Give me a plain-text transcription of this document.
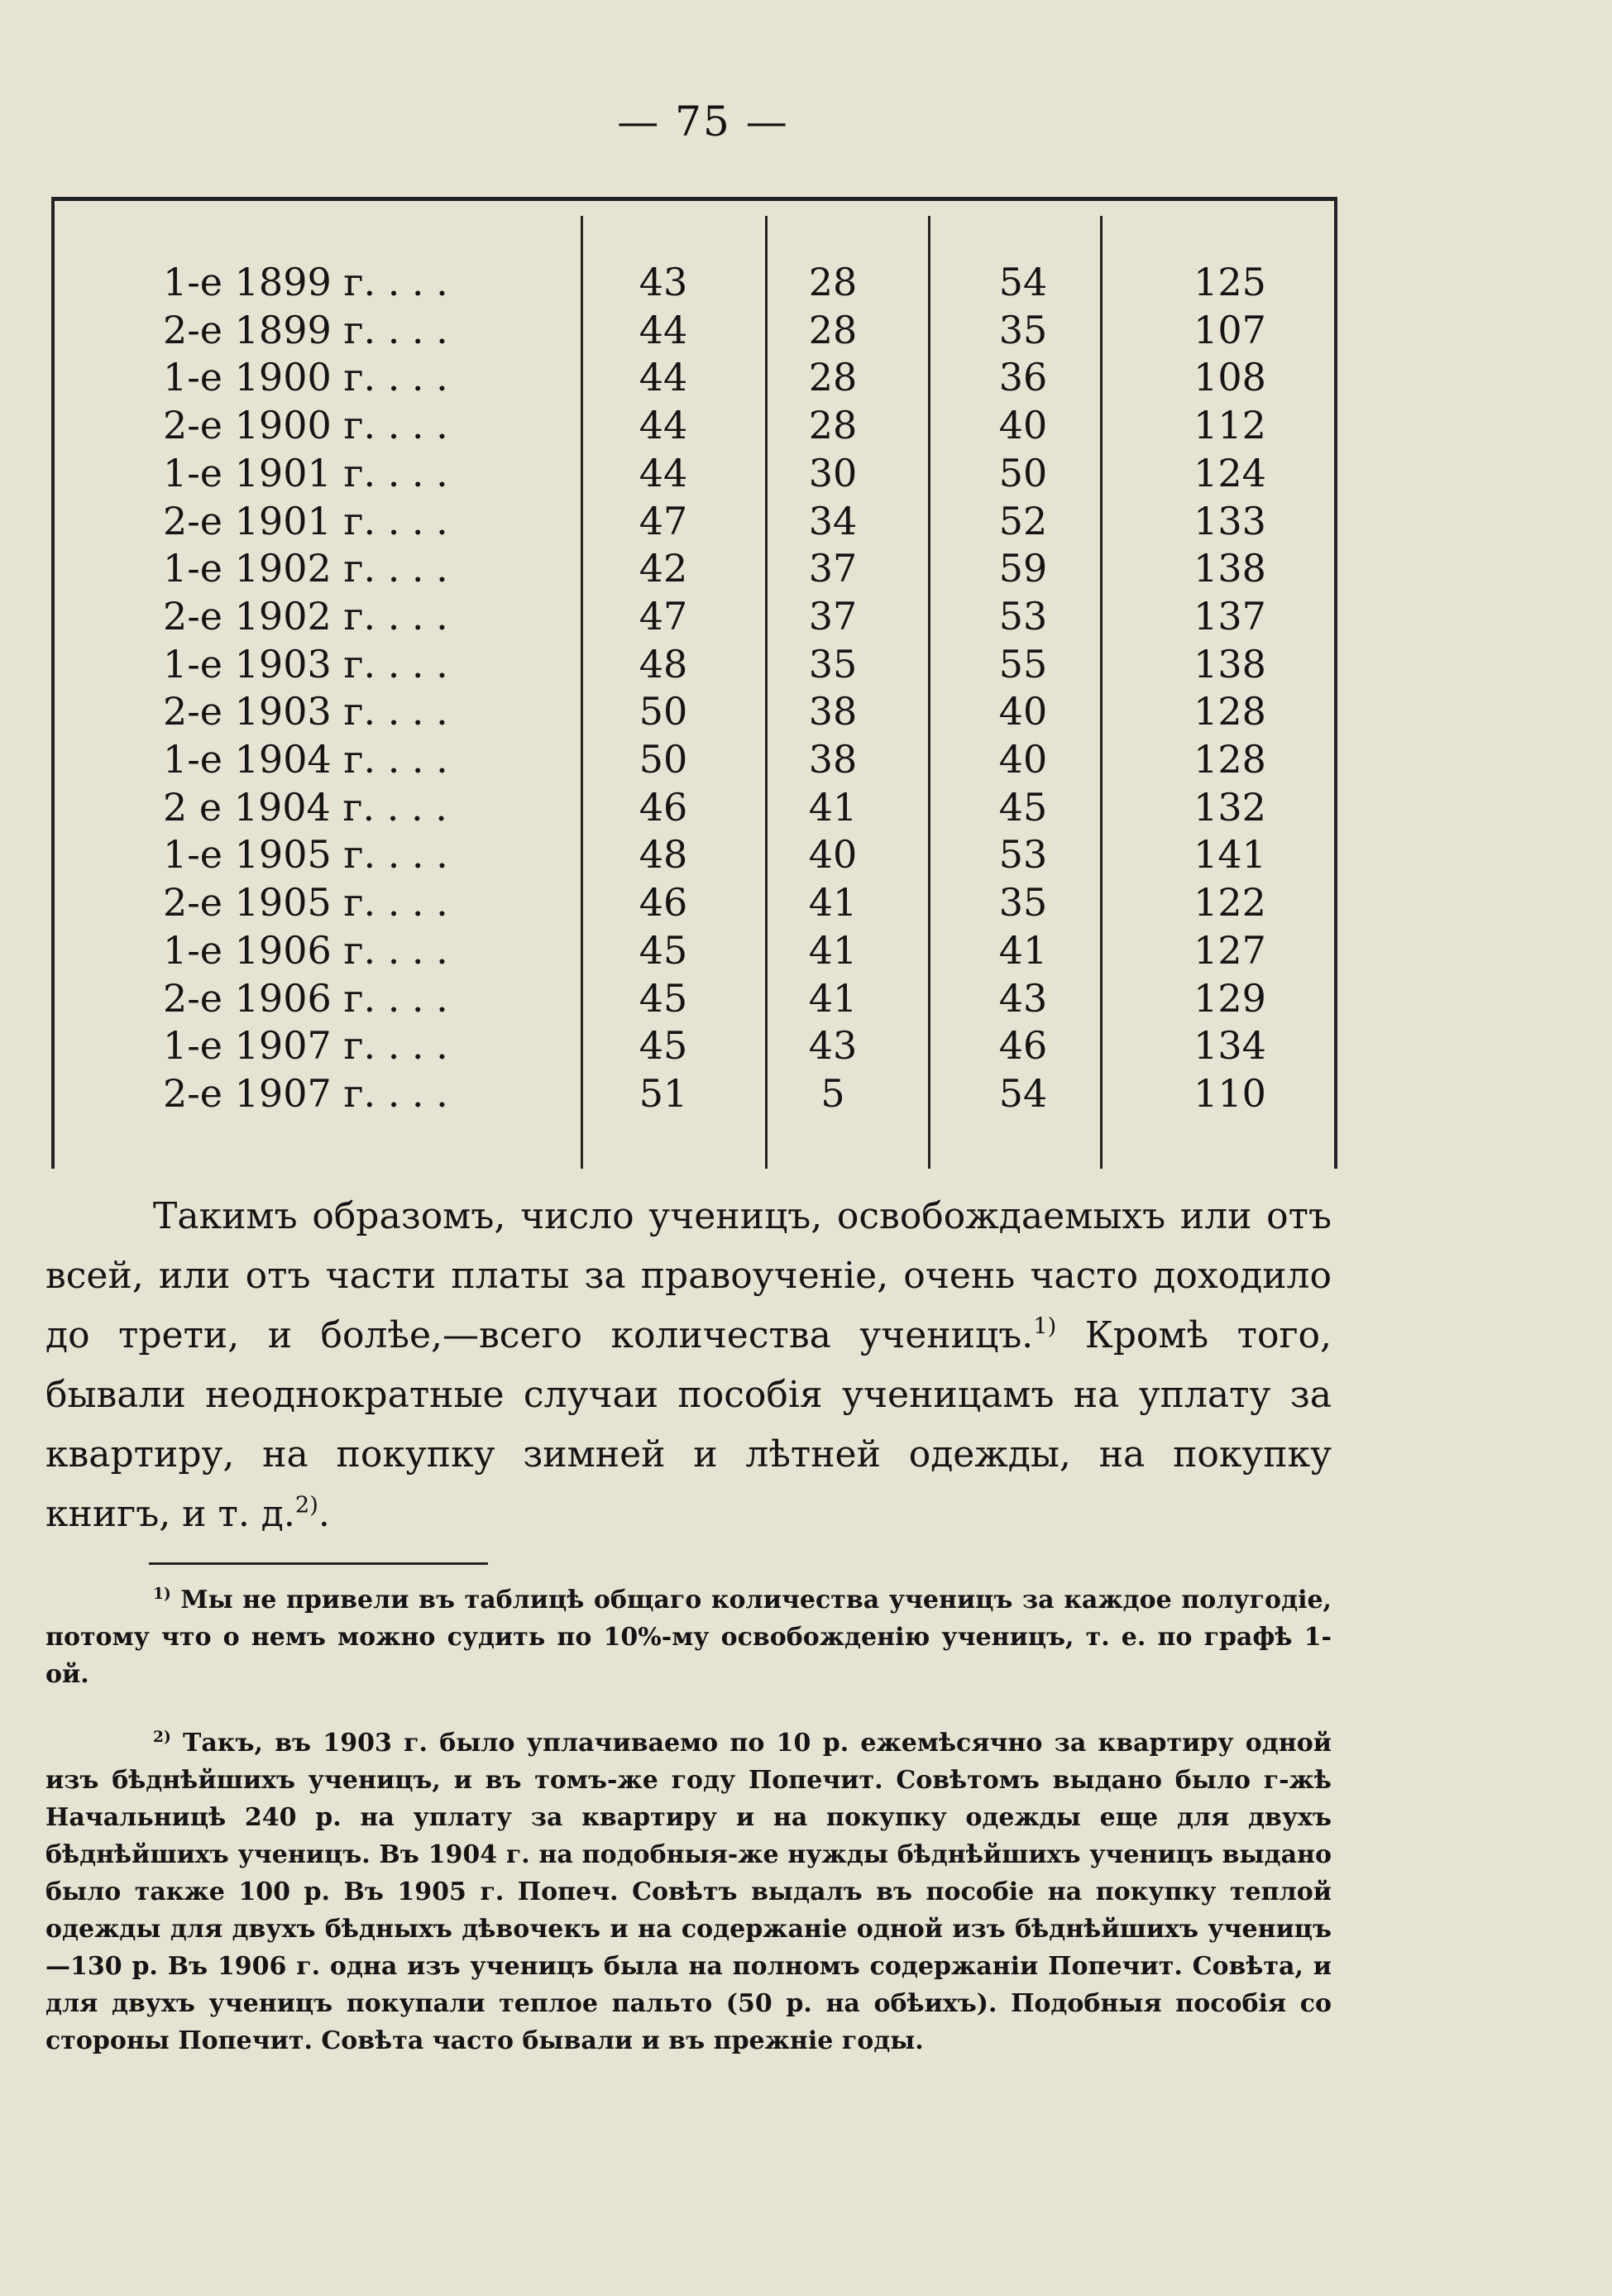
— 75 —
1-е 1899 г. . . .	43	28	54	125
2-е 1899 г. . . .	44	28	35	107
1-е 1900 г. . . .	44	28	36	108
2-е 1900 г. . . .	44	28	40	112
1-е 1901 г. . . .	44	30	50	124
2-е 1901 г. . . .	47	34	52	133
1-е 1902 г. . . .	42	37	59	138
2-е 1902 г. . . .	47	37	53	137
1-е 1903 г. . . .	48	35	55	138
2-е 1903 г. . . .	50	38	40	128
1-е 1904 г. . . .	50	38	40	128
2 е 1904 г. . . .	46	41	45	132
1-е 1905 г. . . .	48	40	53	141
2-е 1905 г. . . .	46	41	35	122
1-е 1906 г. . . .	45	41	41	127
2-е 1906 г. . . .	45	41	43	129
1-е 1907 г. . . .	45	43	46	134
2-е 1907 г. . . .	51	5	54	110

Такимъ образомъ, число ученицъ, освобождаемыхъ или отъ всей, или отъ части платы за правоученіе, очень часто доходило до трети, и болѣе,—всего количества ученицъ.$^{1)}$ Кромѣ того, бывали неоднократные случаи пособія ученицамъ на уплату за квартиру, на покупку зимней и лѣтней одежды, на покупку книгъ, и т. д.$^{2)}$.

$^{1)}$ Мы не привели въ таблицѣ общаго количества ученицъ за каждое полугодіе, потому что о немъ можно судить по 10%-му освобожденію ученицъ, т. е. по графѣ 1-ой.

$^{2)}$ Такъ, въ 1903 г. было уплачиваемо по 10 р. ежемѣсячно за квартиру одной изъ бѣднѣйшихъ ученицъ, и въ томъ-же году Попечит. Совѣтомъ выдано было г-жѣ Начальницѣ 240 р. на уплату за квартиру и на покупку одежды еще для двухъ бѣднѣйшихъ ученицъ. Въ 1904 г. на подобныя-же нужды бѣднѣйшихъ ученицъ выдано было также 100 р. Въ 1905 г. Попеч. Совѣтъ выдалъ въ пособіе на покупку теплой одежды для двухъ бѣдныхъ дѣвочекъ и на содержаніе одной изъ бѣднѣйшихъ ученицъ—130 р. Въ 1906 г. одна изъ ученицъ была на полномъ содержаніи Попечит. Совѣта, и для двухъ ученицъ покупали теплое пальто (50 р. на обѣихъ). Подобныя пособія со стороны Попечит. Совѣта часто бывали и въ прежніе годы.
